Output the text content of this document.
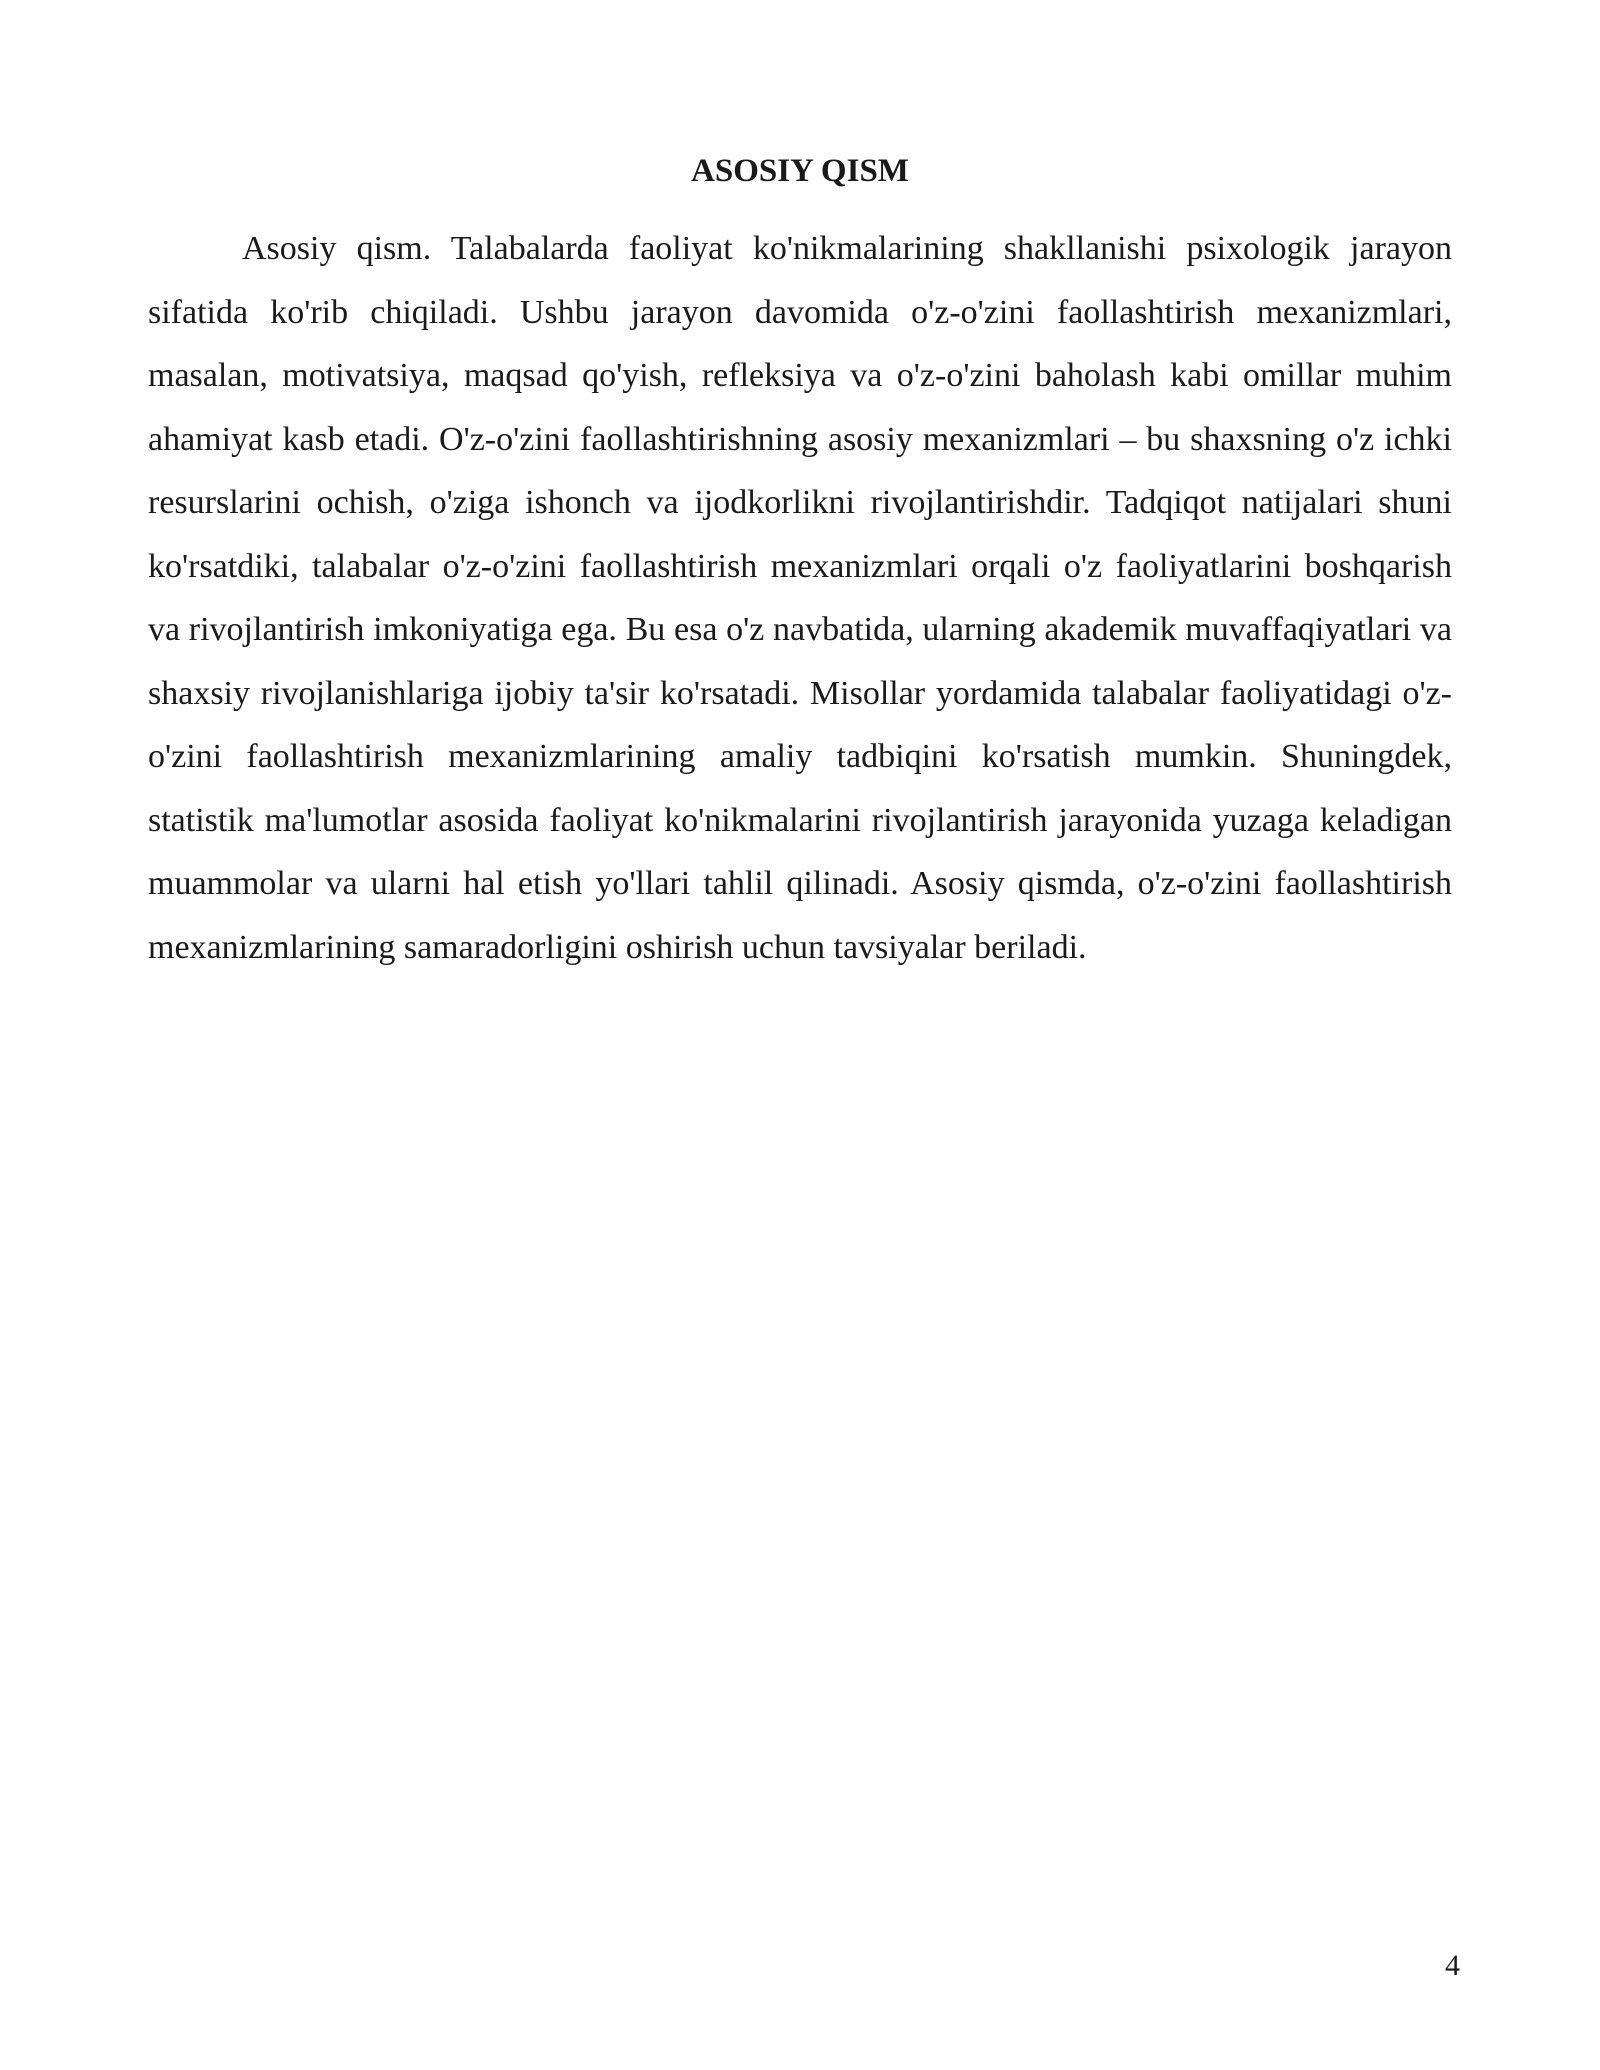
ASOSIY QISM

Asosiy qism. Talabalarda faoliyat ko'nikmalarining shakllanishi psixologik jarayon sifatida ko'rib chiqiladi. Ushbu jarayon davomida o'z-o'zini faollashtirish mexanizmlari, masalan, motivatsiya, maqsad qo'yish, refleksiya va o'z-o'zini baholash kabi omillar muhim ahamiyat kasb etadi. O'z-o'zini faollashtirishning asosiy mexanizmlari – bu shaxsning o'z ichki resurslarini ochish, o'ziga ishonch va ijodkorlikni rivojlantirishdir. Tadqiqot natijalari shuni ko'rsatdiki, talabalar o'z-o'zini faollashtirish mexanizmlari orqali o'z faoliyatlarini boshqarish va rivojlantirish imkoniyatiga ega. Bu esa o'z navbatida, ularning akademik muvaffaqiyatlari va shaxsiy rivojlanishlariga ijobiy ta'sir ko'rsatadi. Misollar yordamida talabalar faoliyatidagi o'z-o'zini faollashtirish mexanizmlarining amaliy tadbiqini ko'rsatish mumkin. Shuningdek, statistik ma'lumotlar asosida faoliyat ko'nikmalarini rivojlantirish jarayonida yuzaga keladigan muammolar va ularni hal etish yo'llari tahlil qilinadi. Asosiy qismda, o'z-o'zini faollashtirish mexanizmlarining samaradorligini oshirish uchun tavsiyalar beriladi.

4
